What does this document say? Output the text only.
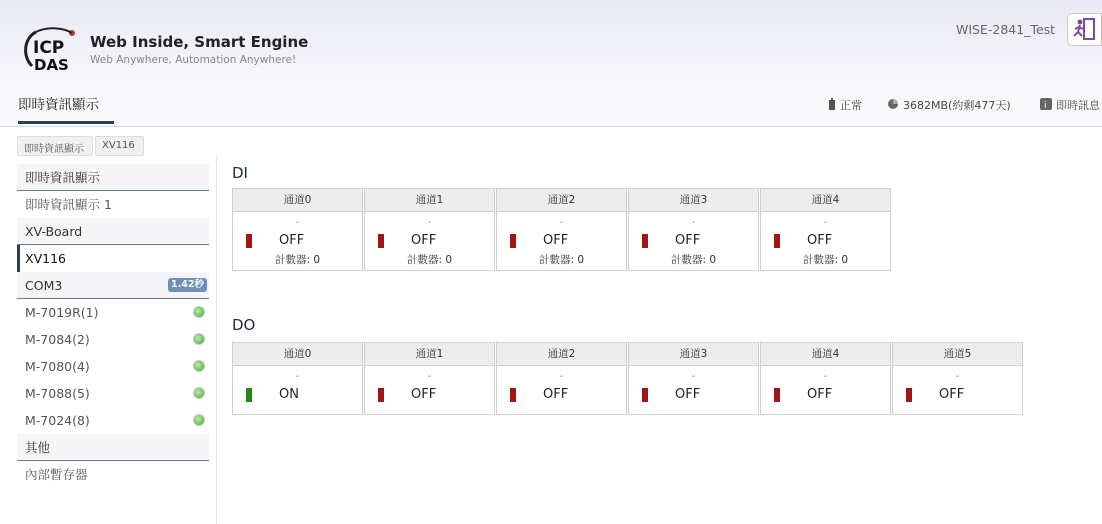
ICP
DAS
Web Inside, Smart Engine
Web Anywhere, Automation Anywhere!
WISE-2841_Test
正常	3682MB(約剩477天)	i 即時訊息
即時資訊顯示
即時資訊顯示	XV116
即時資訊顯示
即時資訊顯示 1
XV-Board
XV116
COM3	1.42秒
M-7019R(1)
M-7084(2)
M-7080(4)
M-7088(5)
M-7024(8)
其他
內部暫存器
DI
通道0
-
OFF
計數器: 0
通道1
-
OFF
計數器: 0
通道2
-
OFF
計數器: 0
通道3
-
OFF
計數器: 0
通道4
-
OFF
計數器: 0
DO
通道0
-
ON
通道1
-
OFF
通道2
-
OFF
通道3
-
OFF
通道4
-
OFF
通道5
-
OFF
